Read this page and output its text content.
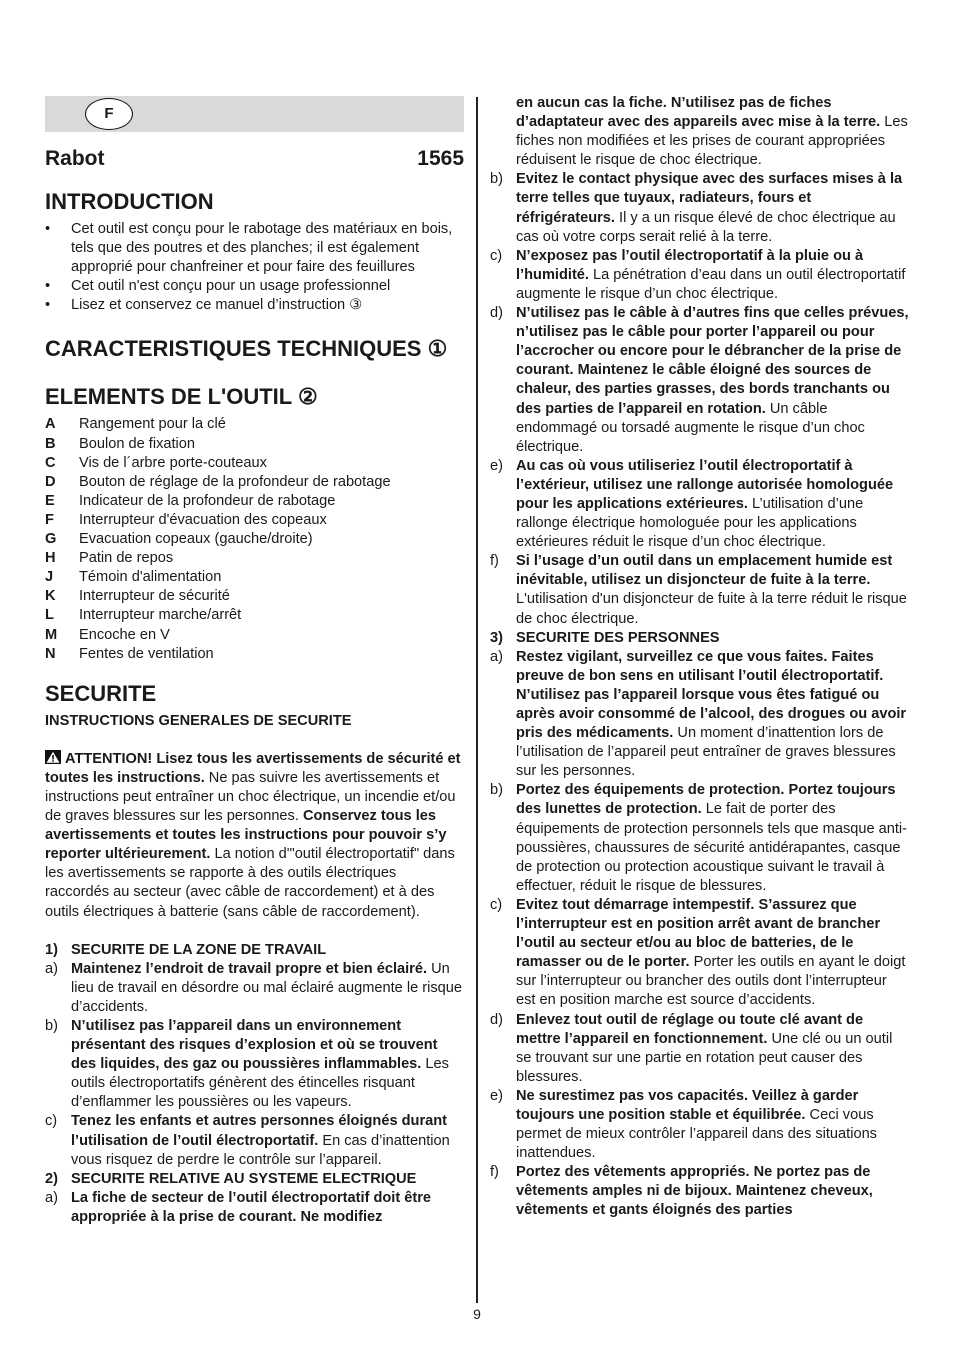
F
Rabot	1565
INTRODUCTION
• Cet outil est conçu pour le rabotage des matériaux en bois, tels que des poutres et des planches; il est également approprié pour chanfreiner et pour faire des feuillures
• Cet outil n'est conçu pour un usage professionnel
• Lisez et conservez ce manuel d’instruction ③
CARACTERISTIQUES TECHNIQUES ①
ELEMENTS DE L'OUTIL ②
A	Rangement pour la clé
B	Boulon de fixation
C	Vis de l´arbre porte-couteaux
D	Bouton de réglage de la profondeur de rabotage
E	Indicateur de la profondeur de rabotage
F	Interrupteur d'évacuation des copeaux
G	Evacuation copeaux (gauche/droite)
H	Patin de repos
J	Témoin d'alimentation
K	Interrupteur de sécurité
L	Interrupteur marche/arrêt
M	Encoche en V
N	Fentes de ventilation
SECURITE
INSTRUCTIONS GENERALES DE SECURITE
ATTENTION! Lisez tous les avertissements de sécurité et toutes les instructions. Ne pas suivre les avertissements et instructions peut entraîner un choc électrique, un incendie et/ou de graves blessures sur les personnes. Conservez tous les avertissements et toutes les instructions pour pouvoir s’y reporter ultérieurement. La notion d'"outil électroportatif" dans les avertissements se rapporte à des outils électriques raccordés au secteur (avec câble de raccordement) et à des outils électriques à batterie (sans câble de raccordement).
1) SECURITE DE LA ZONE DE TRAVAIL
a) Maintenez l’endroit de travail propre et bien éclairé. Un lieu de travail en désordre ou mal éclairé augmente le risque d’accidents.
b) N’utilisez pas l’appareil dans un environnement présentant des risques d’explosion et où se trouvent des liquides, des gaz ou poussières inflammables. Les outils électroportatifs génèrent des étincelles risquant d’enflammer les poussières ou les vapeurs.
c) Tenez les enfants et autres personnes éloignés durant l’utilisation de l’outil électroportatif. En cas d’inattention vous risquez de perdre le contrôle sur l’appareil.
2) SECURITE RELATIVE AU SYSTEME ELECTRIQUE
a) La fiche de secteur de l’outil électroportatif doit être appropriée à la prise de courant. Ne modifiez
en aucun cas la fiche. N’utilisez pas de fiches d’adaptateur avec des appareils avec mise à la terre. Les fiches non modifiées et les prises de courant appropriées réduisent le risque de choc électrique.
b) Evitez le contact physique avec des surfaces mises à la terre telles que tuyaux, radiateurs, fours et réfrigérateurs. Il y a un risque élevé de choc électrique au cas où votre corps serait relié à la terre.
c) N’exposez pas l’outil électroportatif à la pluie ou à l’humidité. La pénétration d’eau dans un outil électroportatif augmente le risque d’un choc électrique.
d) N’utilisez pas le câble à d’autres fins que celles prévues, n’utilisez pas le câble pour porter l’appareil ou pour l’accrocher ou encore pour le débrancher de la prise de courant. Maintenez le câble éloigné des sources de chaleur, des parties grasses, des bords tranchants ou des parties de l’appareil en rotation. Un câble endommagé ou torsadé augmente le risque d’un choc électrique.
e) Au cas où vous utiliseriez l’outil électroportatif à l’extérieur, utilisez une rallonge autorisée homologuée pour les applications extérieures. L’utilisation d’une rallonge électrique homologuée pour les applications extérieures réduit le risque d’un choc électrique.
f)	Si l’usage d’un outil dans un emplacement humide est inévitable, utilisez un disjoncteur de fuite à la terre. L'utilisation d'un disjoncteur de fuite à la terre réduit le risque de choc électrique.
3) SECURITE DES PERSONNES
a) Restez vigilant, surveillez ce que vous faites. Faites preuve de bon sens en utilisant l’outil électroportatif. N’utilisez pas l’appareil lorsque vous êtes fatigué ou après avoir consommé de l’alcool, des drogues ou avoir pris des médicaments. Un moment d’inattention lors de l’utilisation de l’appareil peut entraîner de graves blessures sur les personnes.
b) Portez des équipements de protection. Portez toujours des lunettes de protection. Le fait de porter des équipements de protection personnels tels que masque anti-poussières, chaussures de sécurité antidérapantes, casque de protection ou protection acoustique suivant le travail à effectuer, réduit le risque de blessures.
c) Evitez tout démarrage intempestif. S’assurez que l’interrupteur est en position arrêt avant de brancher l’outil au secteur et/ou au bloc de batteries, de le ramasser ou de le porter. Porter les outils en ayant le doigt sur l’interrupteur ou brancher des outils dont l’interrupteur est en position marche est source d’accidents.
d) Enlevez tout outil de réglage ou toute clé avant de mettre l’appareil en fonctionnement. Une clé ou un outil se trouvant sur une partie en rotation peut causer des blessures.
e) Ne surestimez pas vos capacités. Veillez à garder toujours une position stable et équilibrée. Ceci vous permet de mieux contrôler l’appareil dans des situations inattendues.
f)	Portez des vêtements appropriés. Ne portez pas de vêtements amples ni de bijoux. Maintenez cheveux, vêtements et gants éloignés des parties
9
